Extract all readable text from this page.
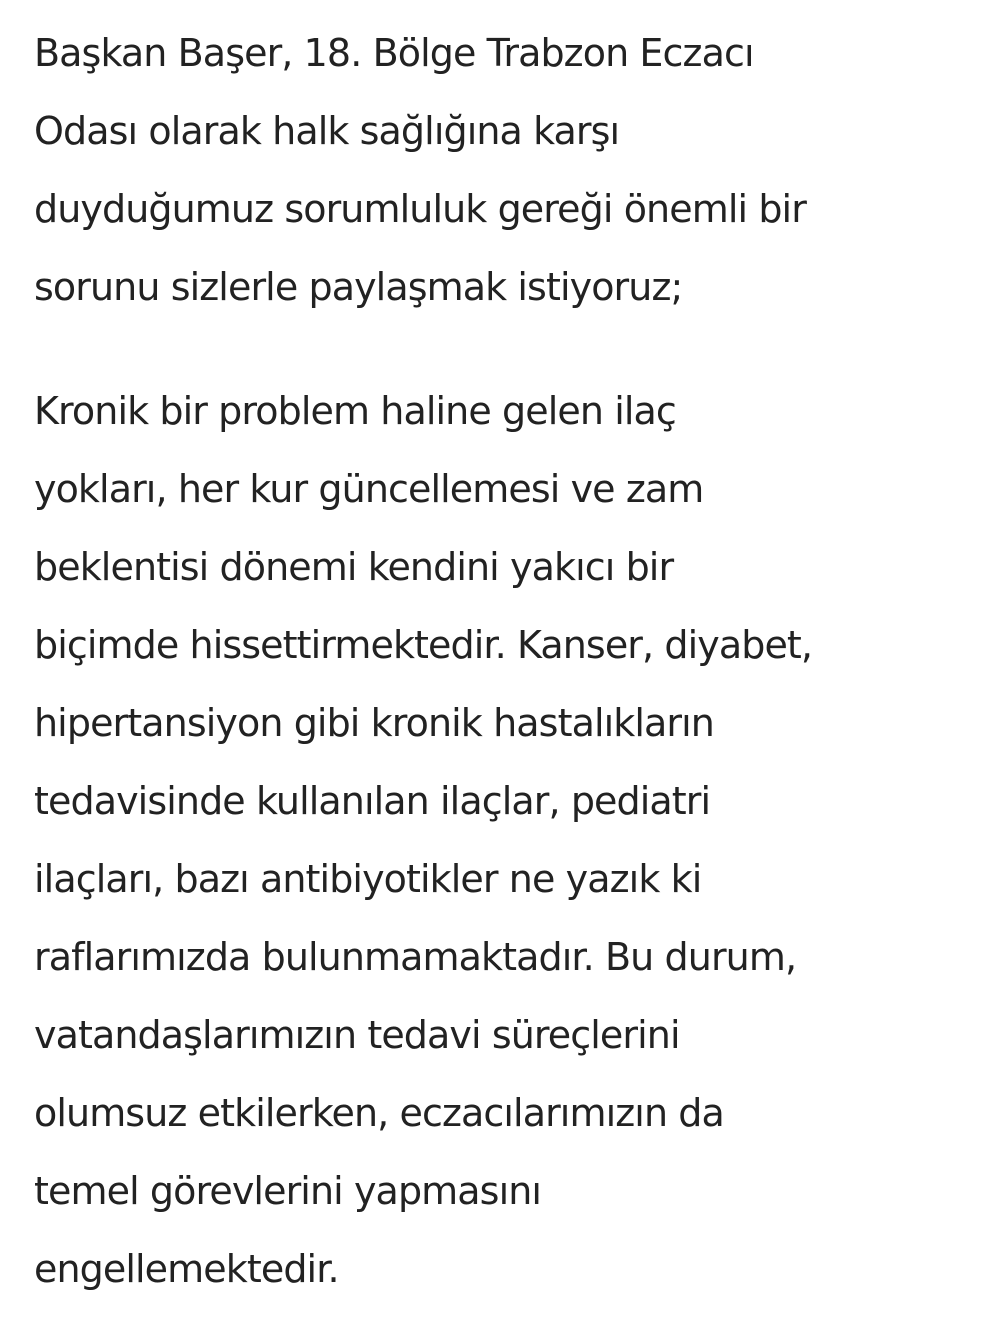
Başkan Başer, 18. Bölge Trabzon Eczacı
Odası olarak halk sağlığına karşı
duyduğumuz sorumluluk gereği önemli bir
sorunu sizlerle paylaşmak istiyoruz;

Kronik bir problem haline gelen ilaç
yokları, her kur güncellemesi ve zam
beklentisi dönemi kendini yakıcı bir
biçimde hissettirmektedir. Kanser, diyabet,
hipertansiyon gibi kronik hastalıkların
tedavisinde kullanılan ilaçlar, pediatri
ilaçları, bazı antibiyotikler ne yazık ki
raflarımızda bulunmamaktadır. Bu durum,
vatandaşlarımızın tedavi süreçlerini
olumsuz etkilerken, eczacılarımızın da
temel görevlerini yapmasını
engellemektedir.
